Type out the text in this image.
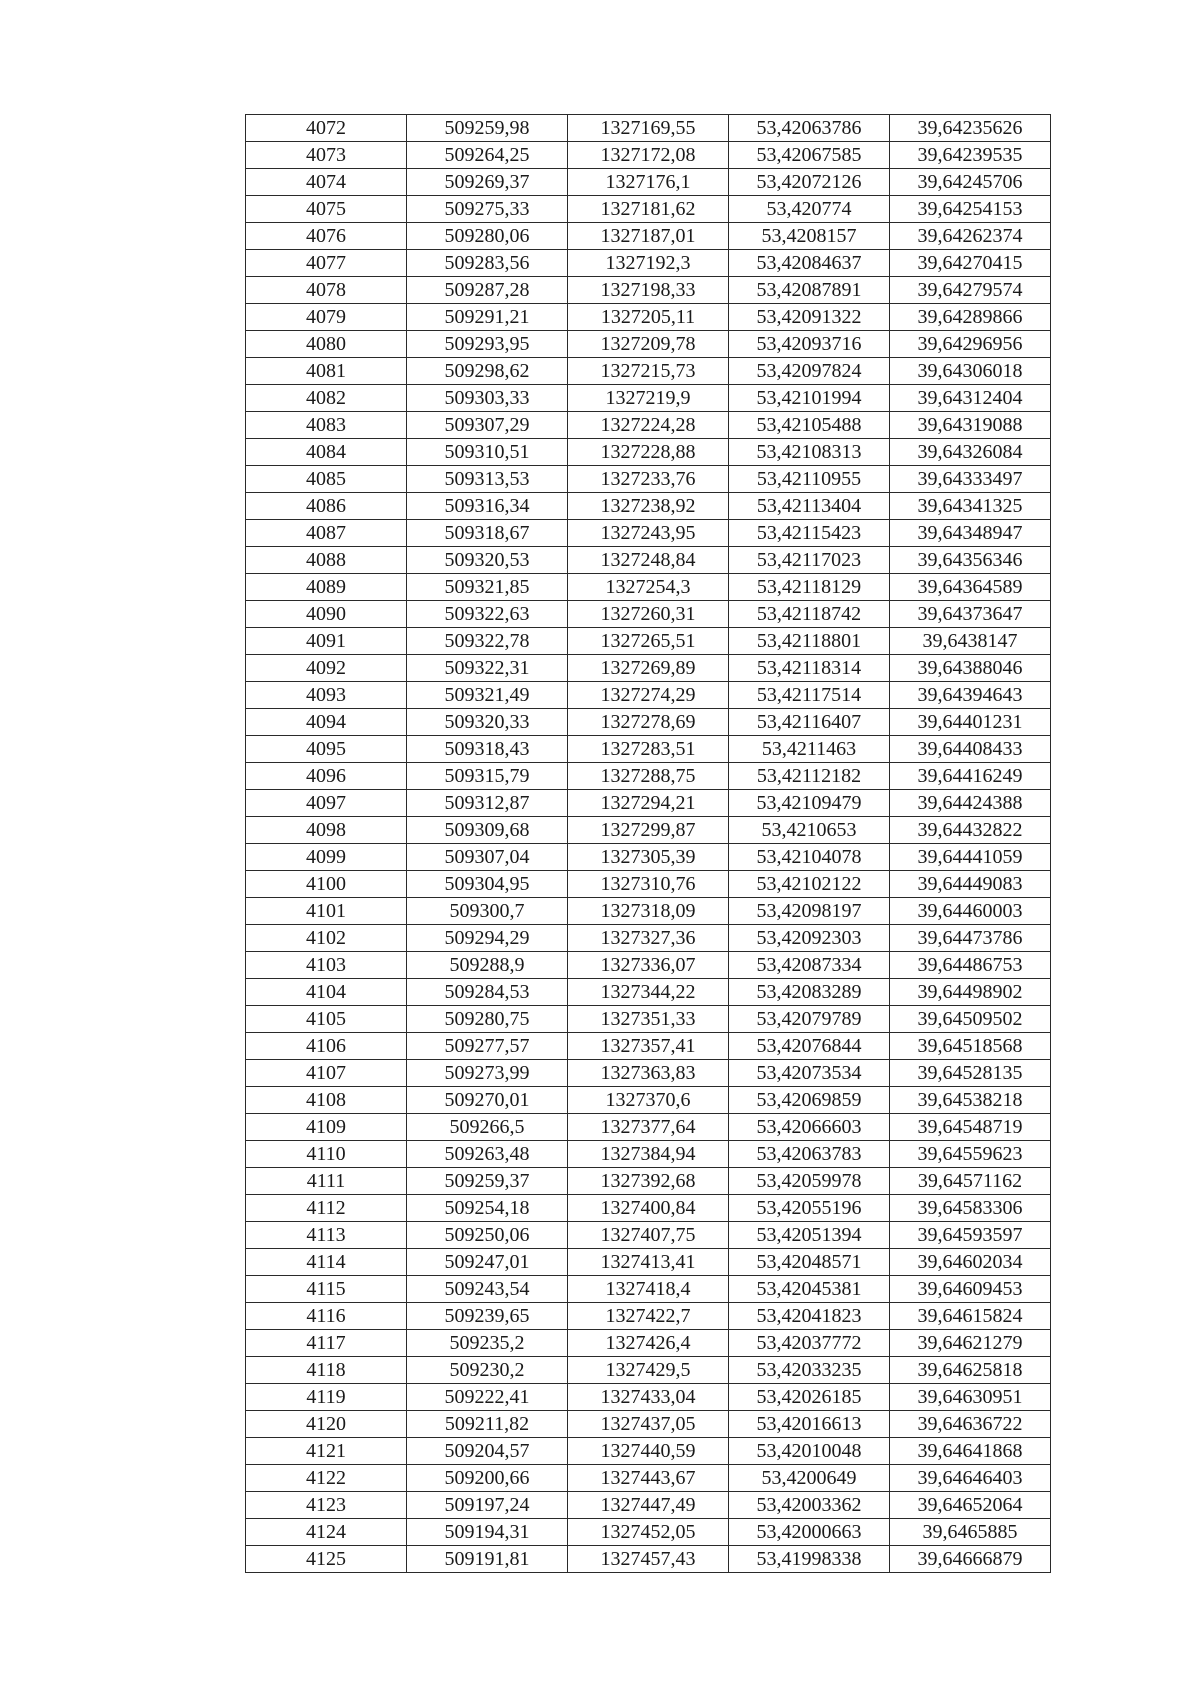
4072	509259,98	1327169,55	53,42063786	39,64235626
4073	509264,25	1327172,08	53,42067585	39,64239535
4074	509269,37	1327176,1	53,42072126	39,64245706
4075	509275,33	1327181,62	53,420774	39,64254153
4076	509280,06	1327187,01	53,4208157	39,64262374
4077	509283,56	1327192,3	53,42084637	39,64270415
4078	509287,28	1327198,33	53,42087891	39,64279574
4079	509291,21	1327205,11	53,42091322	39,64289866
4080	509293,95	1327209,78	53,42093716	39,64296956
4081	509298,62	1327215,73	53,42097824	39,64306018
4082	509303,33	1327219,9	53,42101994	39,64312404
4083	509307,29	1327224,28	53,42105488	39,64319088
4084	509310,51	1327228,88	53,42108313	39,64326084
4085	509313,53	1327233,76	53,42110955	39,64333497
4086	509316,34	1327238,92	53,42113404	39,64341325
4087	509318,67	1327243,95	53,42115423	39,64348947
4088	509320,53	1327248,84	53,42117023	39,64356346
4089	509321,85	1327254,3	53,42118129	39,64364589
4090	509322,63	1327260,31	53,42118742	39,64373647
4091	509322,78	1327265,51	53,42118801	39,6438147
4092	509322,31	1327269,89	53,42118314	39,64388046
4093	509321,49	1327274,29	53,42117514	39,64394643
4094	509320,33	1327278,69	53,42116407	39,64401231
4095	509318,43	1327283,51	53,4211463	39,64408433
4096	509315,79	1327288,75	53,42112182	39,64416249
4097	509312,87	1327294,21	53,42109479	39,64424388
4098	509309,68	1327299,87	53,4210653	39,64432822
4099	509307,04	1327305,39	53,42104078	39,64441059
4100	509304,95	1327310,76	53,42102122	39,64449083
4101	509300,7	1327318,09	53,42098197	39,64460003
4102	509294,29	1327327,36	53,42092303	39,64473786
4103	509288,9	1327336,07	53,42087334	39,64486753
4104	509284,53	1327344,22	53,42083289	39,64498902
4105	509280,75	1327351,33	53,42079789	39,64509502
4106	509277,57	1327357,41	53,42076844	39,64518568
4107	509273,99	1327363,83	53,42073534	39,64528135
4108	509270,01	1327370,6	53,42069859	39,64538218
4109	509266,5	1327377,64	53,42066603	39,64548719
4110	509263,48	1327384,94	53,42063783	39,64559623
4111	509259,37	1327392,68	53,42059978	39,64571162
4112	509254,18	1327400,84	53,42055196	39,64583306
4113	509250,06	1327407,75	53,42051394	39,64593597
4114	509247,01	1327413,41	53,42048571	39,64602034
4115	509243,54	1327418,4	53,42045381	39,64609453
4116	509239,65	1327422,7	53,42041823	39,64615824
4117	509235,2	1327426,4	53,42037772	39,64621279
4118	509230,2	1327429,5	53,42033235	39,64625818
4119	509222,41	1327433,04	53,42026185	39,64630951
4120	509211,82	1327437,05	53,42016613	39,64636722
4121	509204,57	1327440,59	53,42010048	39,64641868
4122	509200,66	1327443,67	53,4200649	39,64646403
4123	509197,24	1327447,49	53,42003362	39,64652064
4124	509194,31	1327452,05	53,42000663	39,6465885
4125	509191,81	1327457,43	53,41998338	39,64666879
